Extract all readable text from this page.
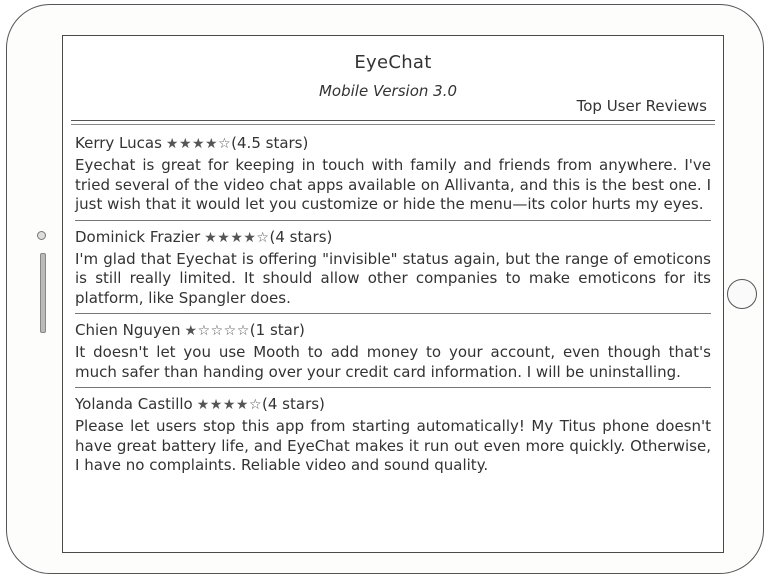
EyeChat
Mobile Version 3.0
Top User Reviews
Kerry Lucas ★★★★☆(4.5 stars)
Eyechat is great for keeping in touch with family and friends from anywhere. I've tried several of the video chat apps available on Allivanta, and this is the best one. I just wish that it would let you customize or hide the menu—its color hurts my eyes.
Dominick Frazier ★★★★☆(4 stars)
I'm glad that Eyechat is offering "invisible" status again, but the range of emoticons is still really limited. It should allow other companies to make emoticons for its platform, like Spangler does.
Chien Nguyen ★☆☆☆☆(1 star)
It doesn't let you use Mooth to add money to your account, even though that's much safer than handing over your credit card information. I will be uninstalling.
Yolanda Castillo ★★★★☆(4 stars)
Please let users stop this app from starting automatically! My Titus phone doesn't have great battery life, and EyeChat makes it run out even more quickly. Otherwise, I have no complaints. Reliable video and sound quality.
